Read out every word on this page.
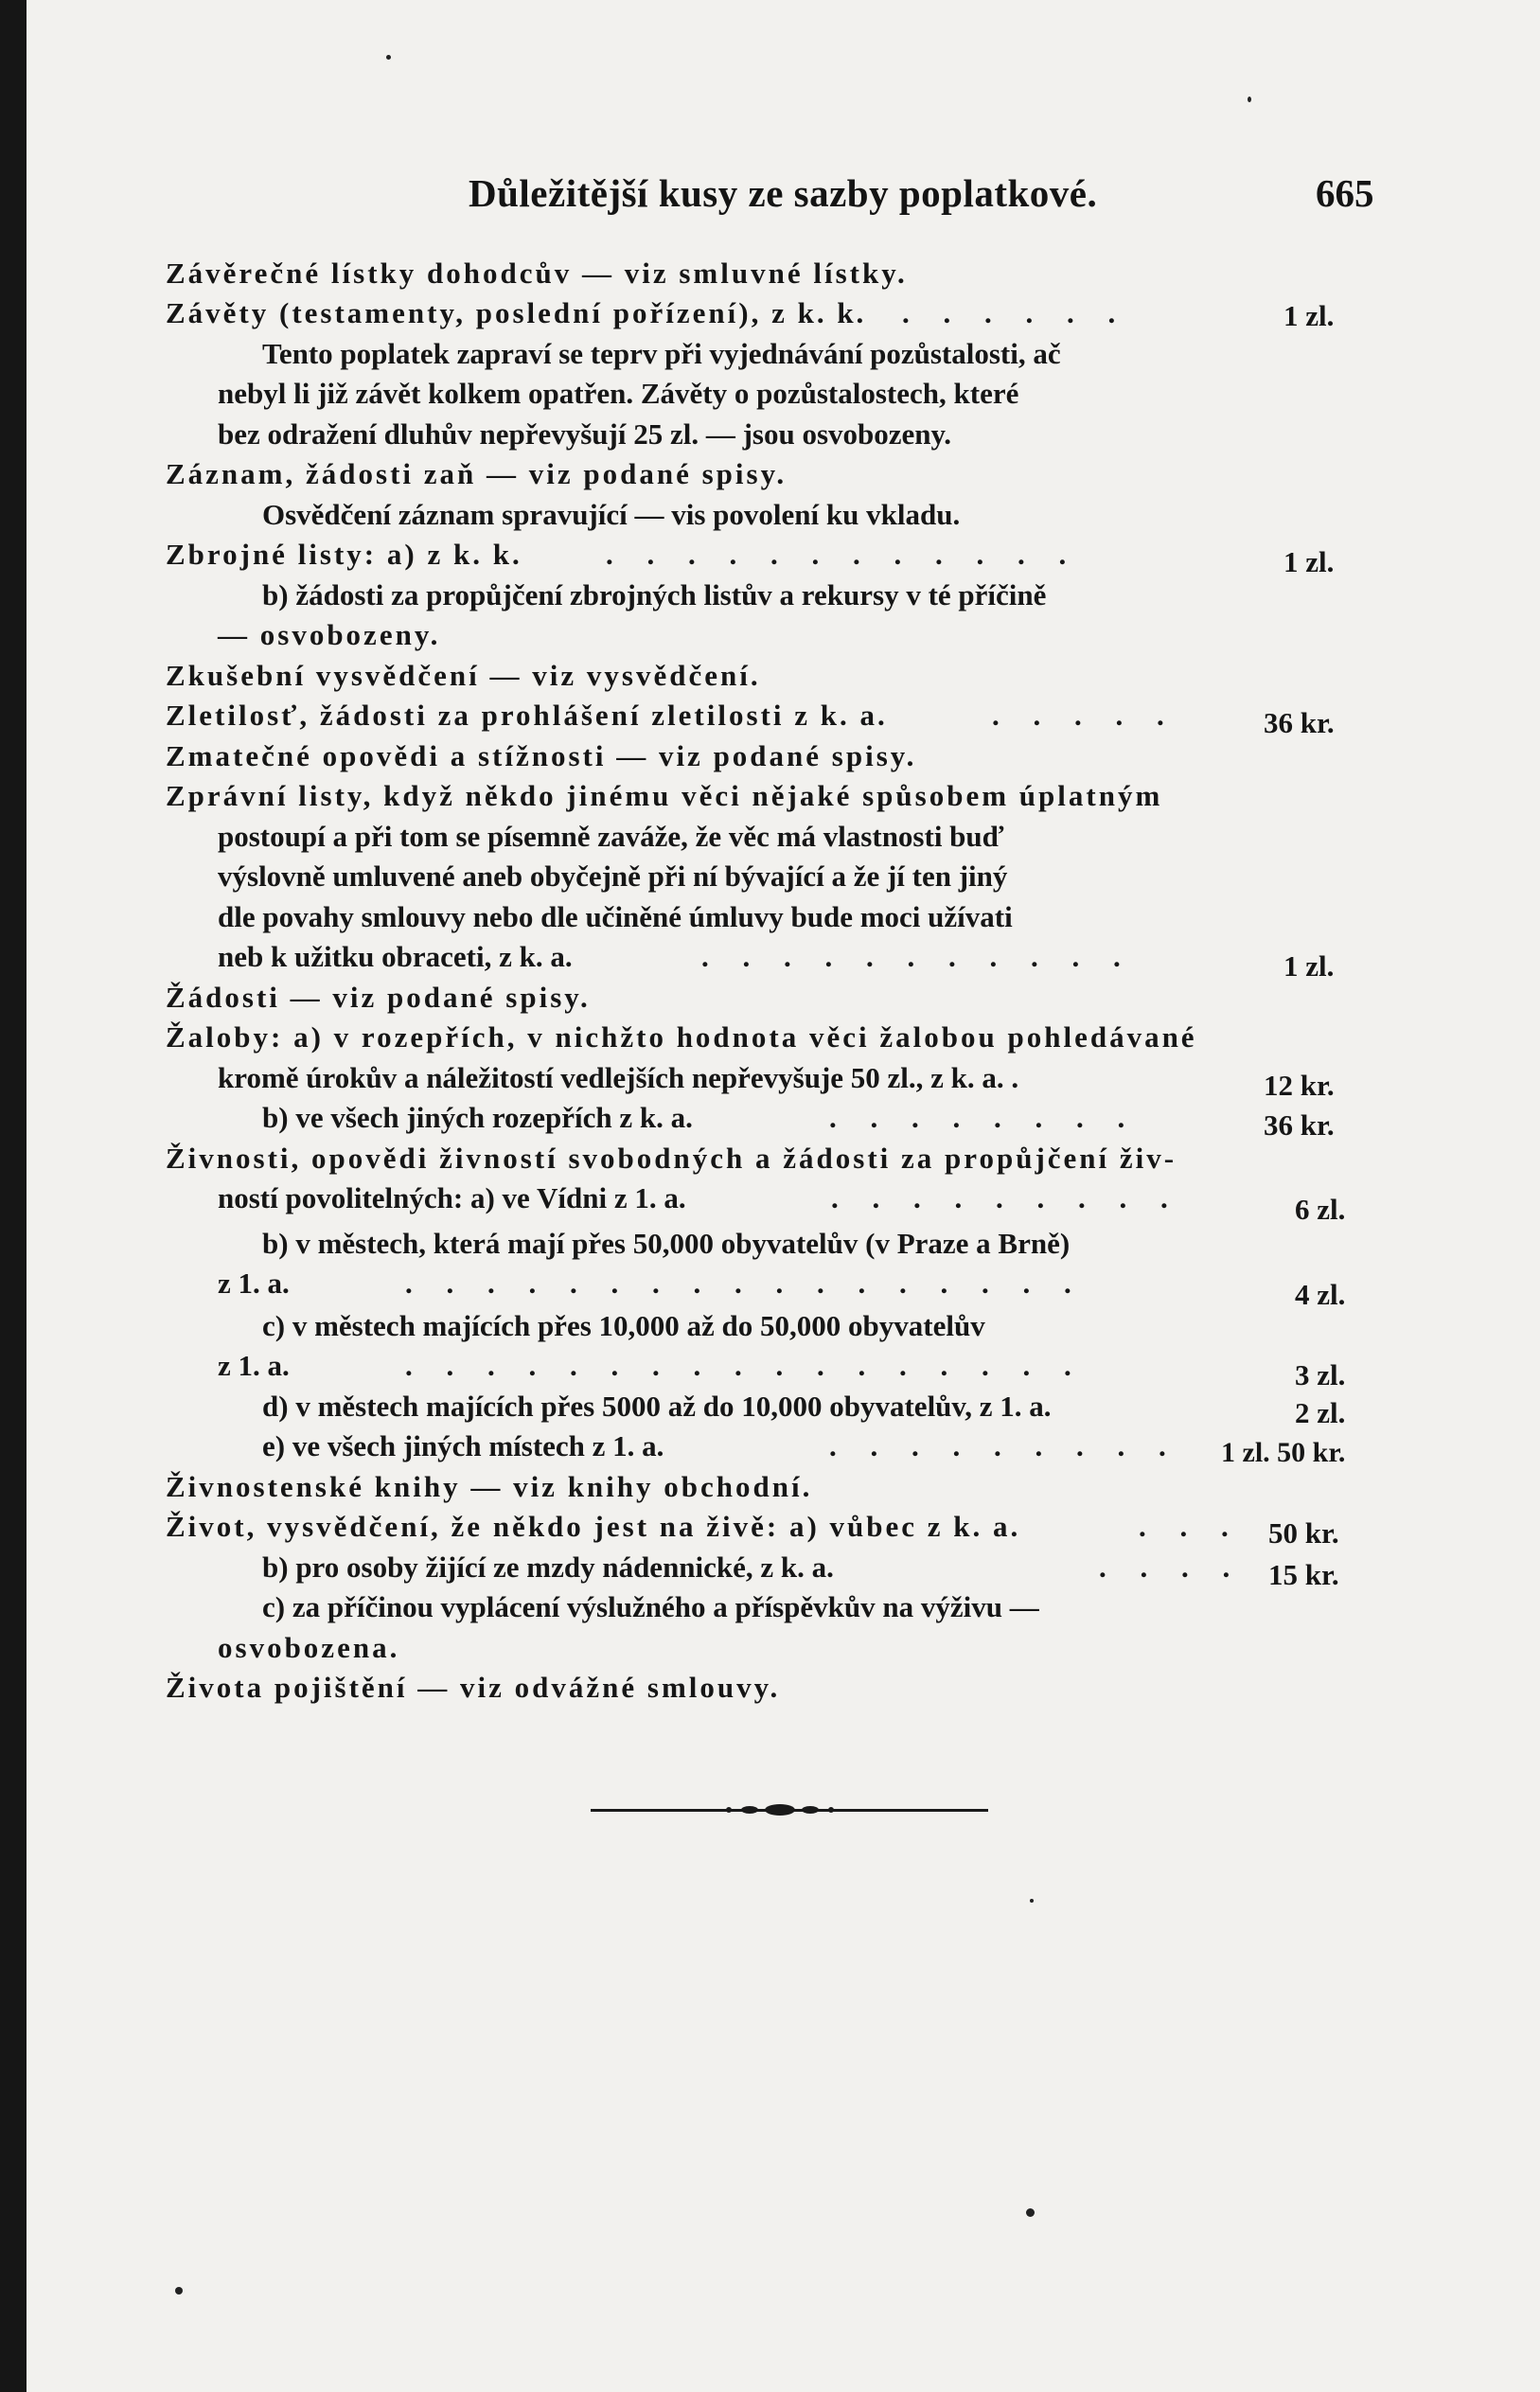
Důležitější kusy ze sazby poplatkové.	665
Závěrečné lístky dohodcův — viz smluvné lístky.
Závěty (testamenty, poslední pořízení), z k. k. . . . . . .	1 zl.
Tento poplatek zapraví se teprv při vyjednávání pozůstalosti, ač
nebyl li již závět kolkem opatřen. Závěty o pozůstalostech, které
bez odražení dluhův nepřevyšují 25 zl. — jsou osvobozeny.
Záznam, žádosti zaň — viz podané spisy.
Osvědčení záznam spravující — vis povolení ku vkladu.
Zbrojné listy: a) z k. k.	. . . . . . . . . . . .	1 zl.
b) žádosti za propůjčení zbrojných listův a rekursy v té příčině
— osvobozeny.
Zkušební vysvědčení — viz vysvědčení.
Zletilosť, žádosti za prohlášení zletilosti z k. a.	. . . . .	36 kr.
Zmatečné opovědi a stížnosti — viz podané spisy.
Zprávní listy, když někdo jinému věci nějaké spůsobem úplatným
postoupí a při tom se písemně zaváže, že věc má vlastnosti buď
výslovně umluvené aneb obyčejně při ní bývající a že jí ten jiný
dle povahy smlouvy nebo dle učiněné úmluvy bude moci užívati
neb k užitku obraceti, z k. a.	. . . . . . . . . . .	1 zl.
Žádosti — viz podané spisy.
Žaloby: a) v rozepřích, v nichžto hodnota věci žalobou pohledávané
kromě úrokův a náležitostí vedlejších nepřevyšuje 50 zl., z k. a. .	12 kr.
b) ve všech jiných rozepřích z k. a.	. . . . . . . .	36 kr.
Živnosti, opovědi živností svobodných a žádosti za propůjčení živ-
ností povolitelných: a) ve Vídni z 1. a.	. . . . . . . . .	6 zl.
b) v městech, která mají přes 50,000 obyvatelův (v Praze a Brně)
z 1. a.	. . . . . . . . . . . . . . . . .	4 zl.
c) v městech majících přes 10,000 až do 50,000 obyvatelův
z 1. a.	. . . . . . . . . . . . . . . . .	3 zl.
d) v městech majících přes 5000 až do 10,000 obyvatelův, z 1. a.	2 zl.
e) ve všech jiných místech z 1. a.	. . . . . . . . . 1 zl. 50 kr.
Živnostenské knihy — viz knihy obchodní.
Život, vysvědčení, že někdo jest na živě: a) vůbec z k. a.	. . . 50 kr.
b) pro osoby žijící ze mzdy nádennické, z k. a.	. . . . 15 kr.
c) za příčinou vyplácení výslužného a příspěvkův na výživu —
osvobozena.
Života pojištění — viz odvážné smlouvy.
